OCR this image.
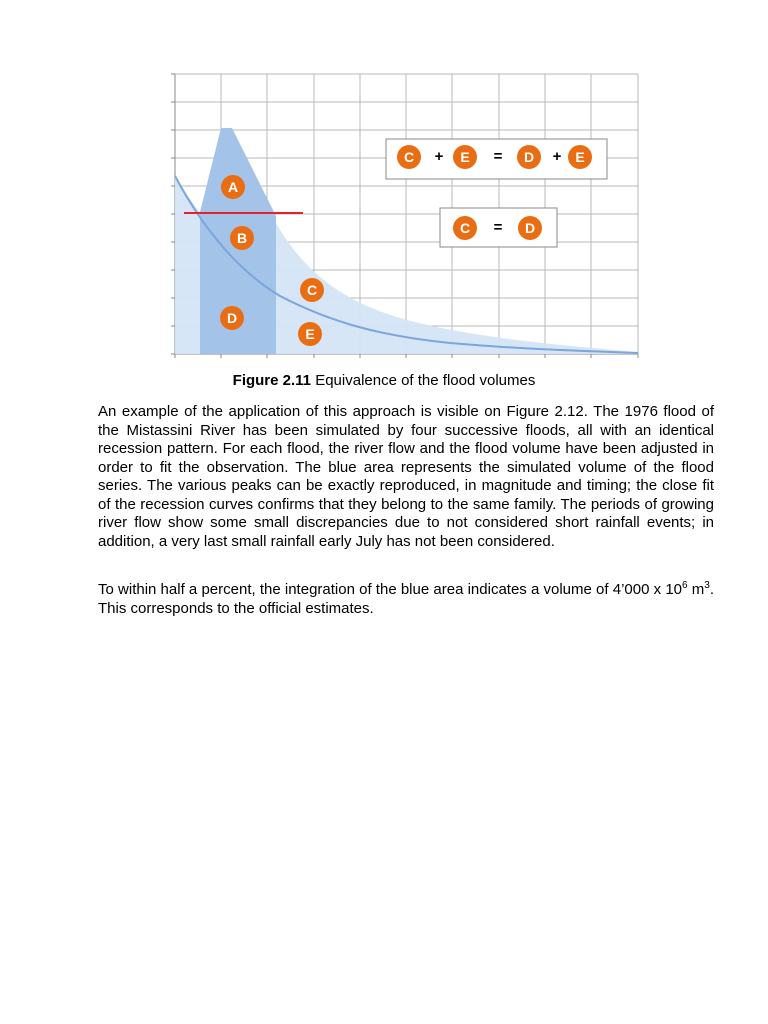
A
B
C
D
E
C + E = D + E
C = D
Figure 2.11 Equivalence of the flood volumes

An example of the application of this approach is visible on Figure 2.12. The 1976 flood of the Mistassini River has been simulated by four successive floods, all with an identical recession pattern. For each flood, the river flow and the flood volume have been adjusted in order to fit the observation. The blue area represents the simulated volume of the flood series. The various peaks can be exactly reproduced, in magnitude and timing; the close fit of the recession curves confirms that they belong to the same family. The periods of growing river flow show some small discrepancies due to not considered short rainfall events; in addition, a very last small rainfall early July has not been considered.

To within half a percent, the integration of the blue area indicates a volume of 4’000 x $10^6$ $m^3$. This corresponds to the official estimates.
